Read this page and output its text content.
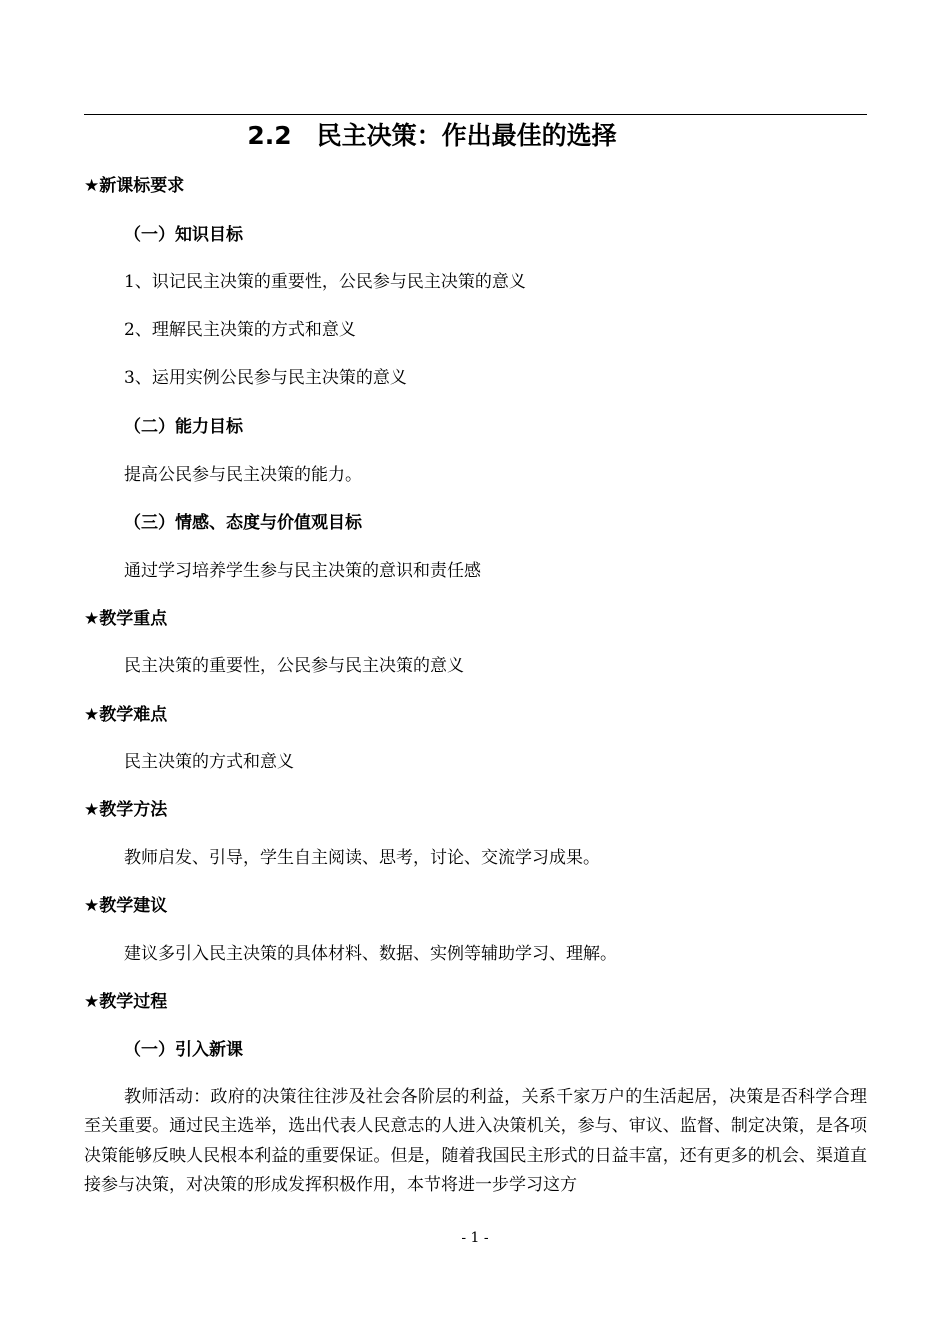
2.2　民主决策：作出最佳的选择
★新课标要求
（一）知识目标
1、识记民主决策的重要性，公民参与民主决策的意义
2、理解民主决策的方式和意义
3、运用实例公民参与民主决策的意义
（二）能力目标
提高公民参与民主决策的能力。
（三）情感、态度与价值观目标
通过学习培养学生参与民主决策的意识和责任感
★教学重点
民主决策的重要性，公民参与民主决策的意义
★教学难点
民主决策的方式和意义
★教学方法
教师启发、引导，学生自主阅读、思考，讨论、交流学习成果。
★教学建议
建议多引入民主决策的具体材料、数据、实例等辅助学习、理解。
★教学过程
（一）引入新课

教师活动：政府的决策往往涉及社会各阶层的利益，关系千家万户的生活起居，决策是否科学合理至关重要。通过民主选举，选出代表人民意志的人进入决策机关，参与、审议、监督、制定决策，是各项决策能够反映人民根本利益的重要保证。但是，随着我国民主形式的日益丰富，还有更多的机会、渠道直接参与决策，对决策的形成发挥积极作用，本节将进一步学习这方

- 1 -
